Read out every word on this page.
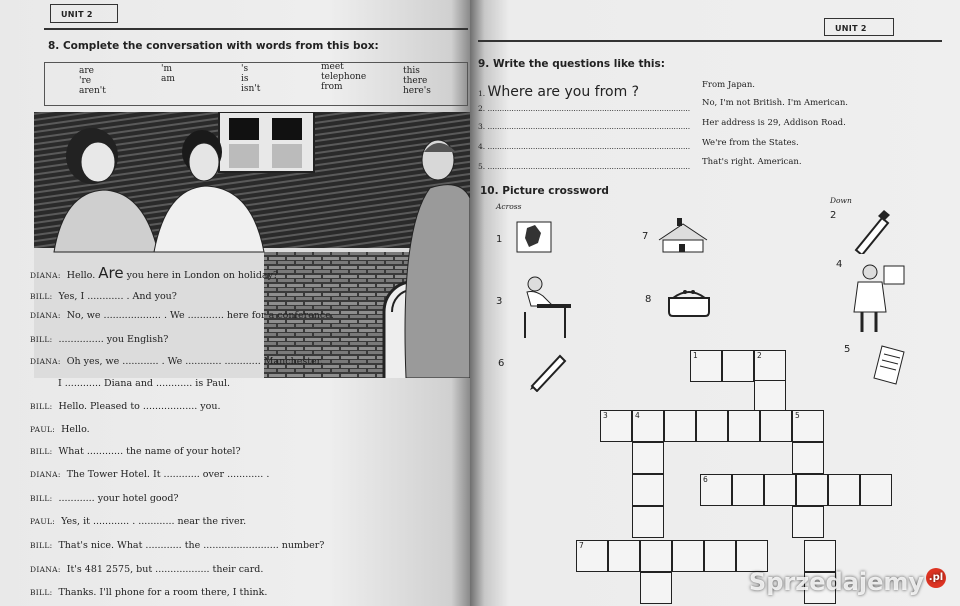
UNIT 2
8. Complete the conversation with words from this box:
are	'm	's	meet	this
're	am	is	telephone	there
aren't	isn't	from	here's
DIANA: Hello. Are you here in London on holiday?
BILL: Yes, I ............ . And you?
DIANA: No, we ................... . We ............ here for a conference.
BILL: ............... you English?
DIANA: Oh yes, we ............ . We ............ ............ Manchester.
I ............ Diana and ............ is Paul.
BILL: Hello. Pleased to .................. you.
PAUL: Hello.
BILL: What ............ the name of your hotel?
DIANA: The Tower Hotel. It ............ over ............ .
BILL: ............ your hotel good?
PAUL: Yes, it ............ . ............ near the river.
BILL: That's nice. What ............ the ......................... number?
DIANA: It's 481 2575, but .................. their card.
BILL: Thanks. I'll phone for a room there, I think.
UNIT 2
9. Write the questions like this:
1. Where are you from ?
2. .....................................................................................
3. .....................................................................................
4. .....................................................................................
5. .....................................................................................
From Japan.
No, I'm not British. I'm American.
Her address is 29, Addison Road.
We're from the States.
That's right. American.
10. Picture crossword
Across
Down
1	7
2
4
3	8
5
6
1	2
3	4	5
6
7
Sprzedajemy .pl
